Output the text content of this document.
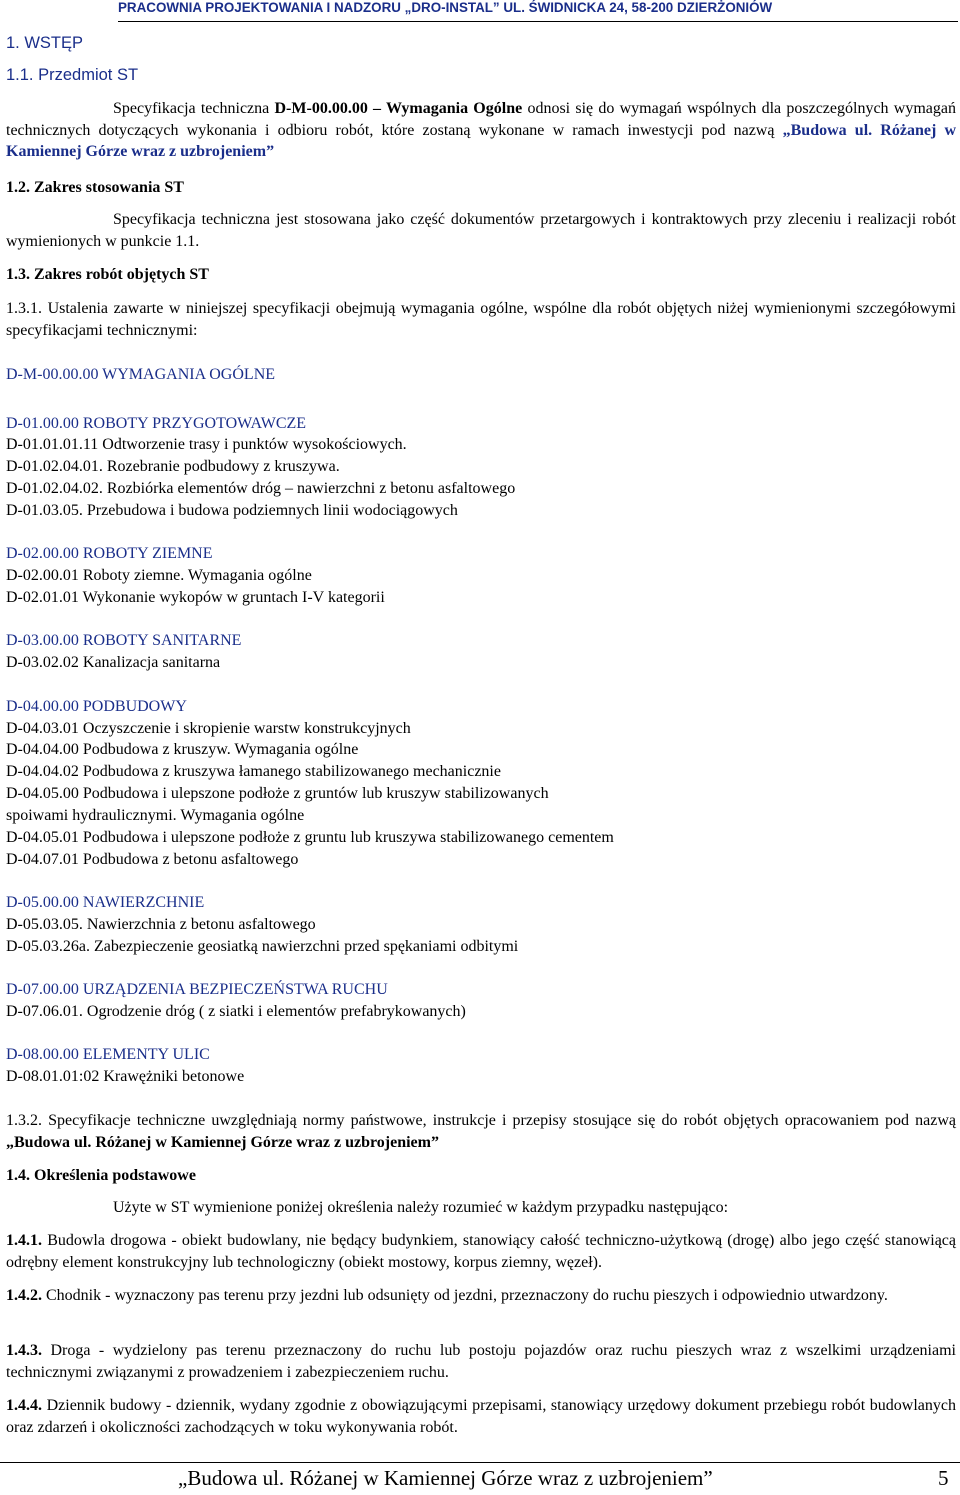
PRACOWNIA PROJEKTOWANIA I NADZORU „DRO-INSTAL” UL. ŚWIDNICKA 24, 58-200 DZIERŻONIÓW
1. WSTĘP
1.1. Przedmiot ST
Specyfikacja techniczna D-M-00.00.00 – Wymagania Ogólne odnosi się do wymagań wspólnych dla poszczególnych wymagań technicznych dotyczących wykonania i odbioru robót, które zostaną wykonane w ramach inwestycji pod nazwą „Budowa ul. Różanej w Kamiennej Górze wraz z uzbrojeniem”
1.2. Zakres stosowania ST
Specyfikacja techniczna jest stosowana jako część dokumentów przetargowych i kontraktowych przy zleceniu i realizacji robót wymienionych w punkcie 1.1.
1.3. Zakres robót objętych ST
1.3.1. Ustalenia zawarte w niniejszej specyfikacji obejmują wymagania ogólne, wspólne dla robót objętych niżej wymienionymi szczegółowymi specyfikacjami technicznymi:
D-M-00.00.00 WYMAGANIA OGÓLNE
D-01.00.00 ROBOTY PRZYGOTOWAWCZE
D-01.01.01.11 Odtworzenie trasy i punktów wysokościowych.
D-01.02.04.01. Rozebranie podbudowy z kruszywa.
D-01.02.04.02. Rozbiórka elementów dróg – nawierzchni z betonu asfaltowego
D-01.03.05. Przebudowa i budowa podziemnych linii wodociągowych
D-02.00.00 ROBOTY ZIEMNE
D-02.00.01 Roboty ziemne. Wymagania ogólne
D-02.01.01 Wykonanie wykopów w gruntach I-V kategorii
D-03.00.00 ROBOTY SANITARNE
D-03.02.02 Kanalizacja sanitarna
D-04.00.00 PODBUDOWY
D-04.03.01 Oczyszczenie i skropienie warstw konstrukcyjnych
D-04.04.00 Podbudowa z kruszyw. Wymagania ogólne
D-04.04.02 Podbudowa z kruszywa łamanego stabilizowanego mechanicznie
D-04.05.00 Podbudowa i ulepszone podłoże z gruntów lub kruszyw stabilizowanych
spoiwami hydraulicznymi. Wymagania ogólne
D-04.05.01 Podbudowa i ulepszone podłoże z gruntu lub kruszywa stabilizowanego cementem
D-04.07.01 Podbudowa z betonu asfaltowego
D-05.00.00 NAWIERZCHNIE
D-05.03.05. Nawierzchnia z betonu asfaltowego
D-05.03.26a. Zabezpieczenie geosiatką nawierzchni przed spękaniami odbitymi
D-07.00.00 URZĄDZENIA BEZPIECZEŃSTWA RUCHU
D-07.06.01. Ogrodzenie dróg ( z siatki i elementów prefabrykowanych)
D-08.00.00 ELEMENTY ULIC
D-08.01.01:02 Krawężniki betonowe
1.3.2. Specyfikacje techniczne uwzględniają normy państwowe, instrukcje i przepisy stosujące się do robót objętych opracowaniem pod nazwą „Budowa ul. Różanej w Kamiennej Górze wraz z uzbrojeniem”
1.4. Określenia podstawowe
Użyte w ST wymienione poniżej określenia należy rozumieć w każdym przypadku następująco:
1.4.1. Budowla drogowa - obiekt budowlany, nie będący budynkiem, stanowiący całość techniczno-użytkową (drogę) albo jego część stanowiącą odrębny element konstrukcyjny lub technologiczny (obiekt mostowy, korpus ziemny, węzeł).
1.4.2. Chodnik - wyznaczony pas terenu przy jezdni lub odsunięty od jezdni, przeznaczony do ruchu pieszych i odpowiednio utwardzony.
1.4.3. Droga - wydzielony pas terenu przeznaczony do ruchu lub postoju pojazdów oraz ruchu pieszych wraz z wszelkimi urządzeniami technicznymi związanymi z prowadzeniem i zabezpieczeniem ruchu.
1.4.4. Dziennik budowy - dziennik, wydany zgodnie z obowiązującymi przepisami, stanowiący urzędowy dokument przebiegu robót budowlanych oraz zdarzeń i okoliczności zachodzących w toku wykonywania robót.
„Budowa ul. Różanej w Kamiennej Górze wraz z uzbrojeniem”	5
